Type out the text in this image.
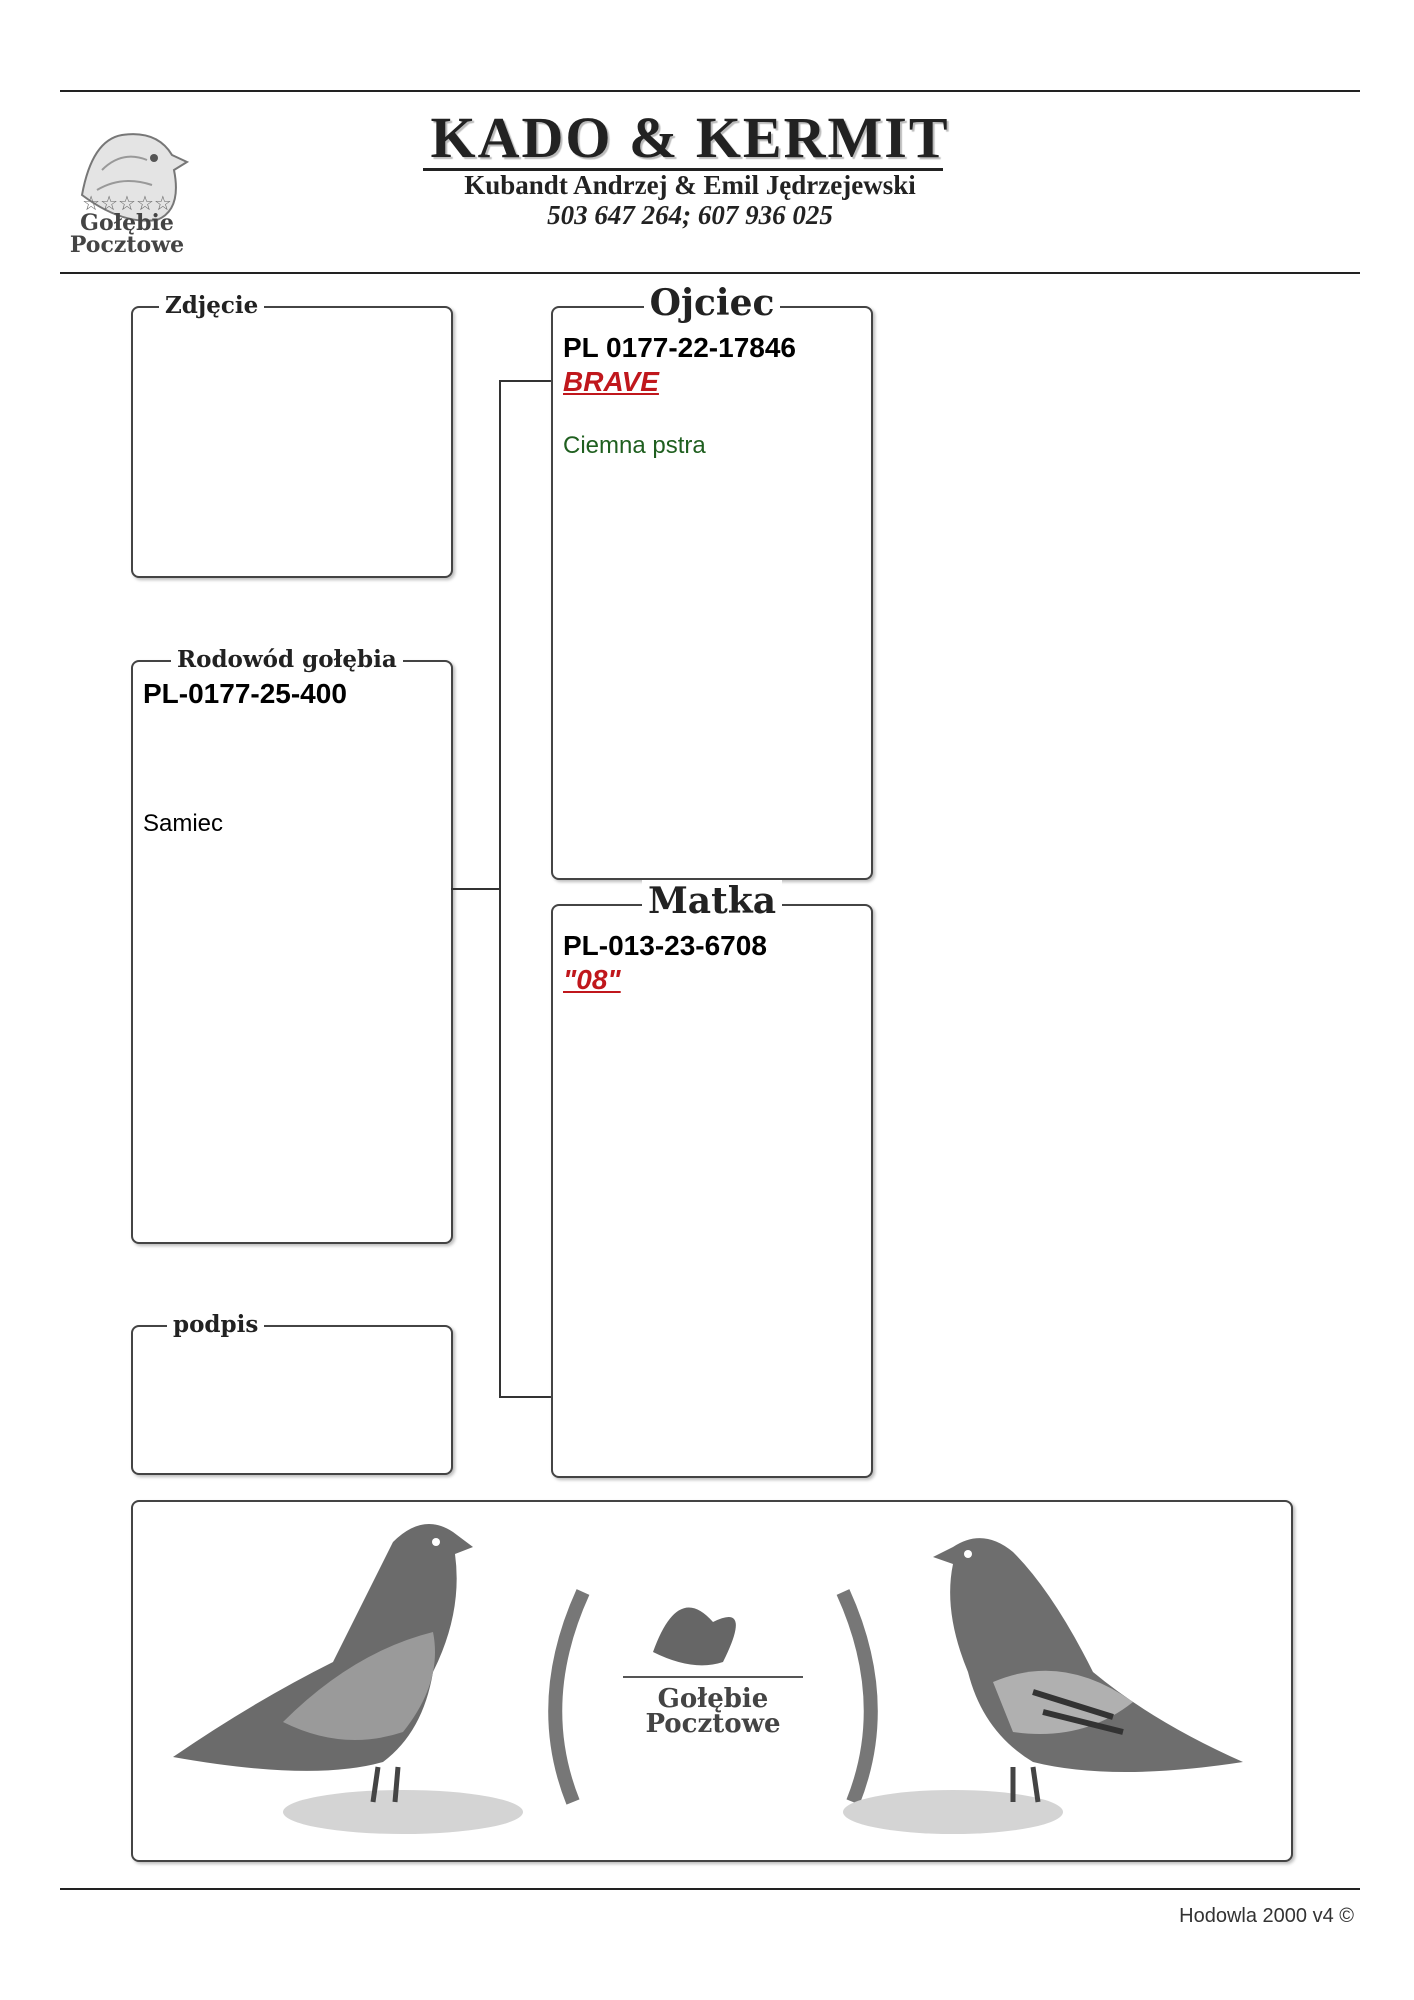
☆☆☆☆☆
Gołębie
Pocztowe
KADO & KERMIT
Kubandt Andrzej & Emil Jędrzejewski
503 647 264; 607 936 025
Zdjęcie
Rodowód gołębia
PL-0177-25-400
Samiec
podpis
Ojciec
PL 0177-22-17846
BRAVE
Ciemna pstra
Matka
PL-013-23-6708
"08"
Gołębie
Pocztowe
Hodowla 2000 v4 ©
